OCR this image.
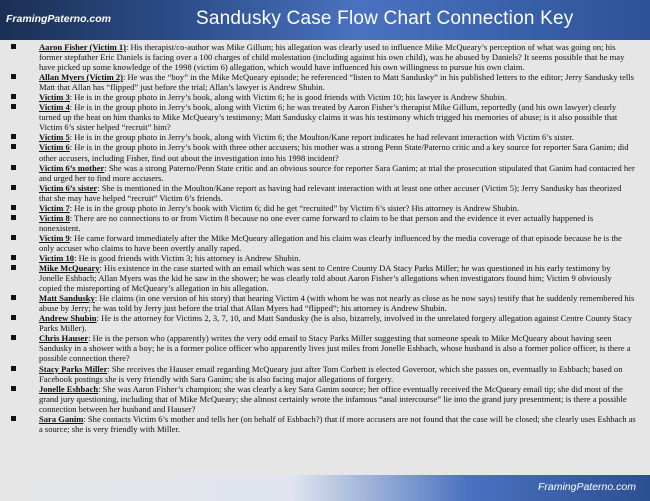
FramingPaterno.com	Sandusky Case Flow Chart Connection Key

Aaron Fisher (Victim 1): His therapist/co-author was Mike Gillum; his allegation was clearly used to influence Mike McQueary’s perception of what was going on; his former stepfather Eric Daniels is facing over a 100 charges of child molestation (including against his own child), was he abused by Daniels? It seems possible that he may have picked up some knowledge of the 1998 (victim 6) allegation, which would have influenced his own willingness to pursue his own claim.

Allan Myers (Victim 2): He was the “boy” in the Mike McQueary episode; he referenced “listen to Matt Sandusky” in his published letters to the editor; Jerry Sandusky tells Matt that Allan has “flipped” just before the trial; Allan’s lawyer is Andrew Shubin.

Victim 3: He is in the group photo in Jerry’s book, along with Victim 6; he is good friends with Victim 10; his lawyer is Andrew Shubin.

Victim 4: He is in the group photo in Jerry’s book, along with Victim 6; he was treated by Aaron Fisher’s therapist Mike Gillum, reportedly (and his own lawyer) clearly turned up the heat on him thanks to Mike McQueary’s testimony; Matt Sandusky claims it was his testimony which trigged his memories of abuse; is it also possible that Victim 6’s sister helped “recruit” him?

Victim 5: He is in the group photo in Jerry’s book, along with Victim 6; the Moulton/Kane report indicates he had relevant interaction with Victim 6’s sister.

Victim 6: He is in the group photo in Jerry’s book with three other accusers; his mother was a strong Penn State/Paterno critic and a key source for reporter Sara Ganim; did other accusers, including Fisher, find out about the investigation into his 1998 incident?

Victim 6’s mother: She was a strong Paterno/Penn State critic and an obvious source for reporter Sara Ganim; at trial the prosecution stipulated that Ganim had contacted her and urged her to find more accusers.

Victim 6’s sister: She is mentioned in the Moulton/Kane report as having had relevant interaction with at least one other accuser (Victim 5); Jerry Sandusky has theorized that she may have helped “recruit” Victim 6’s friends.

Victim 7: He is in the group photo in Jerry’s book with Victim 6; did he get “recruited” by Victim 6’s sister? His attorney is Andrew Shubin.

Victim 8: There are no connections to or from Victim 8 because no one ever came forward to claim to be that person and the evidence it ever actually happened is nonexistent.

Victim 9: He came forward immediately after the Mike McQueary allegation and his claim was clearly influenced by the media coverage of that episode because he is the only accuser who claims to have been overtly anally raped.

Victim 10: He is good friends with Victim 3; his attorney is Andrew Shubin.

Mike McQueary: His existence in the case started with an email which was sent to Centre County DA Stacy Parks Miller; he was questioned in his early testimony by Jonelle Eshbach; Allan Myers was the kid he saw in the shower; he was clearly told about Aaron Fisher’s allegations when investigators found him; Victim 9 obviously copied the misreporting of McQueary’s allegation in his allegation.

Matt Sandusky: He claims (in one version of his story) that hearing Victim 4 (with whom he was not nearly as close as he now says) testify that he suddenly remembered his abuse by Jerry; he was told by Jerry just before the trial that Allan Myers had “flipped”; his attorney is Andrew Shubin.

Andrew Shubin: He is the attorney for Victims 2, 3, 7, 10, and Matt Sandusky (he is also, bizarrely, involved in the unrelated forgery allegation against Centre County Stacy Parks Miller).

Chris Hauser: He is the person who (apparently) writes the very odd email to Stacy Parks Miller suggesting that someone speak to Mike McQueary about having seen Sandusky in a shower with a boy; he is a former police officer who apparently lives just miles from Jonelle Eshbach, whose husband is also a former police officer, is there a possible connection there?

Stacy Parks Miller: She receives the Hauser email regarding McQueary just after Tom Corbett is elected Governor, which she passes on, eventually to Eshbach; based on Facebook postings she is very friendly with Sara Ganim; she is also facing major allegations of forgery.

Jonelle Eshbach: She was Aaron Fisher’s champion; she was clearly a key Sara Ganim source; her office eventually received the McQueary email tip; she did most of the grand jury questioning, including that of Mike McQueary; she almost certainly wrote the infamous “anal intercourse” lie into the grand jury presentment; is there a possible connection between her husband and Hauser?

Sara Ganim: She contacts Victim 6’s mother and tells her (on behalf of Eshbach?) that if more accusers are not found that the case will be closed; she clearly uses Eshbach as a source; she is very friendly with Miller.

FramingPaterno.com
